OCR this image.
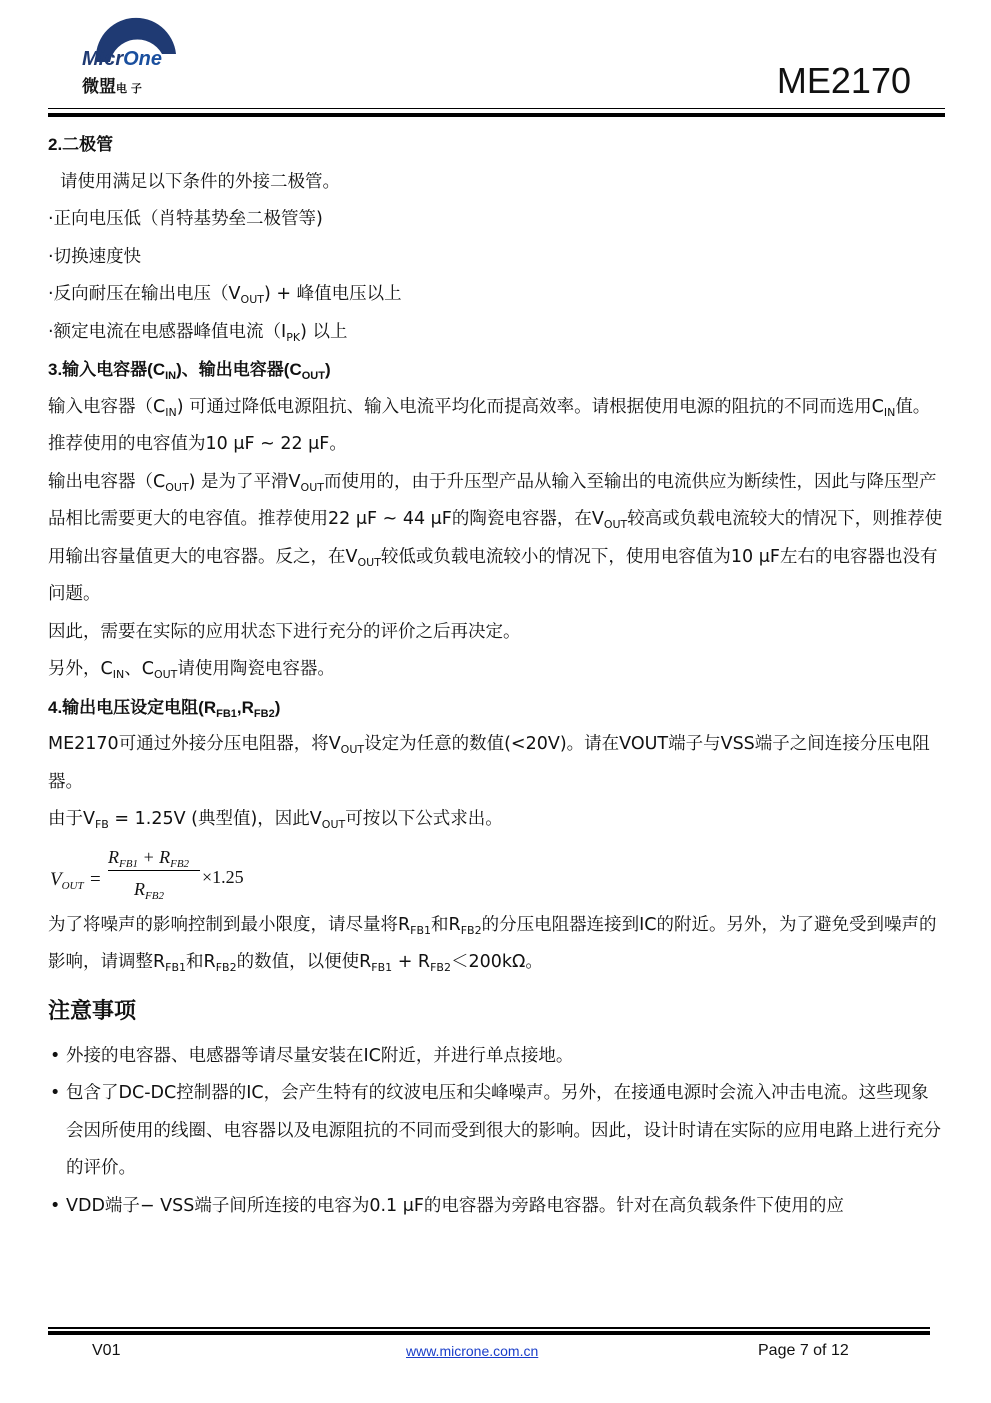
MicrOne
微盟电 子	ME2170
2.二极管

请使用满足以下条件的外接二极管。

·正向电压低（肖特基势垒二极管等)

·切换速度快

·反向耐压在输出电压$(V_{OUT})$ + 峰值电压以上

·额定电流在电感器峰值电流$(I_{PK})$ 以上

3.输入电容器$(C_{IN})$、输出电容器$(C_{OUT})$

输入电容器$(C_{IN})$ 可通过降低电源阻抗、输入电流平均化而提高效率。请根据使用电源的阻抗的不同而选用$C_{IN}$值。

推荐使用的电容值为10 μF ~ 22 μF。

输出电容器$(C_{OUT})$ 是为了平滑$V_{OUT}$而使用的，由于升压型产品从输入至输出的电流供应为断续性，因此与降压型产品相比需要更大的电容值。推荐使用22 μF ~ 44 μF的陶瓷电容器，在$V_{OUT}$较高或负载电流较大的情况下，则推荐使用输出容量值更大的电容器。反之，在$V_{OUT}$较低或负载电流较小的情况下，使用电容值为10 μF左右的电容器也没有问题。

因此，需要在实际的应用状态下进行充分的评价之后再决定。

另外，$C_{IN}$、$C_{OUT}$请使用陶瓷电容器。

4.输出电压设定电阻$(R_{FB1},R_{FB2})$

ME2170可通过外接分压电阻器，将$V_{OUT}$设定为任意的数值(<20V)。请在VOUT端子与VSS端子之间连接分压电阻器。

由于$V_{FB} = 1.25V$ (典型值)，因此$V_{OUT}$可按以下公式求出。

$V_{OUT}$ =
$R_{FB1} + R_{FB2}$
$R_{FB2}$
×1.25

为了将噪声的影响控制到最小限度，请尽量将$R_{FB1}$和$R_{FB2}$的分压电阻器连接到IC的附近。另外，为了避免受到噪声的影响，请调整$R_{FB1}$和$R_{FB2}$的数值，以便使$R_{FB1} + R_{FB2}<200k\Omega$。

注意事项
• 外接的电容器、电感器等请尽量安装在IC附近，并进行单点接地。
• 包含了DC-DC控制器的IC，会产生特有的纹波电压和尖峰噪声。另外，在接通电源时会流入冲击电流。这些现象会因所使用的线圈、电容器以及电源阻抗的不同而受到很大的影响。因此，设计时请在实际的应用电路上进行充分的评价。
• VDD端子− VSS端子间所连接的电容为0.1 μF的电容器为旁路电容器。针对在高负载条件下使用的应
V01	www.microne.com.cn	Page 7 of 12
